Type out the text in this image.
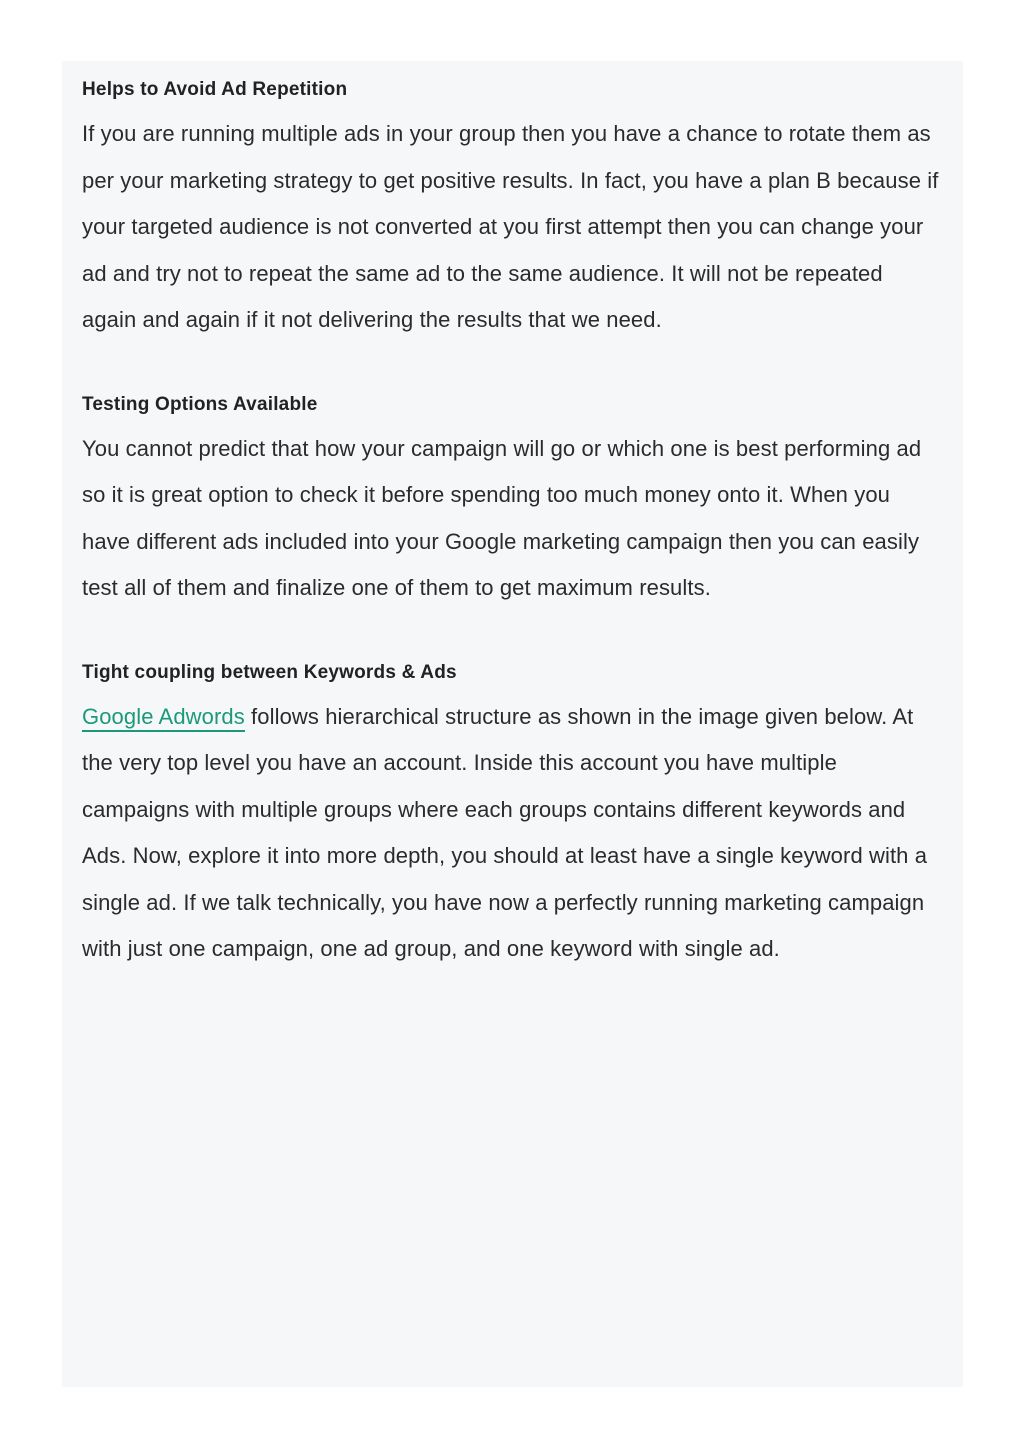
Helps to Avoid Ad Repetition

If you are running multiple ads in your group then you have a chance to rotate them as per your marketing strategy to get positive results. In fact, you have a plan B because if your targeted audience is not converted at you first attempt then you can change your ad and try not to repeat the same ad to the same audience. It will not be repeated again and again if it not delivering the results that we need.

Testing Options Available

You cannot predict that how your campaign will go or which one is best performing ad so it is great option to check it before spending too much money onto it. When you have different ads included into your Google marketing campaign then you can easily test all of them and finalize one of them to get maximum results.

Tight coupling between Keywords & Ads

Google Adwords follows hierarchical structure as shown in the image given below. At the very top level you have an account. Inside this account you have multiple campaigns with multiple groups where each groups contains different keywords and Ads. Now, explore it into more depth, you should at least have a single keyword with a single ad. If we talk technically, you have now a perfectly running marketing campaign with just one campaign, one ad group, and one keyword with single ad.
